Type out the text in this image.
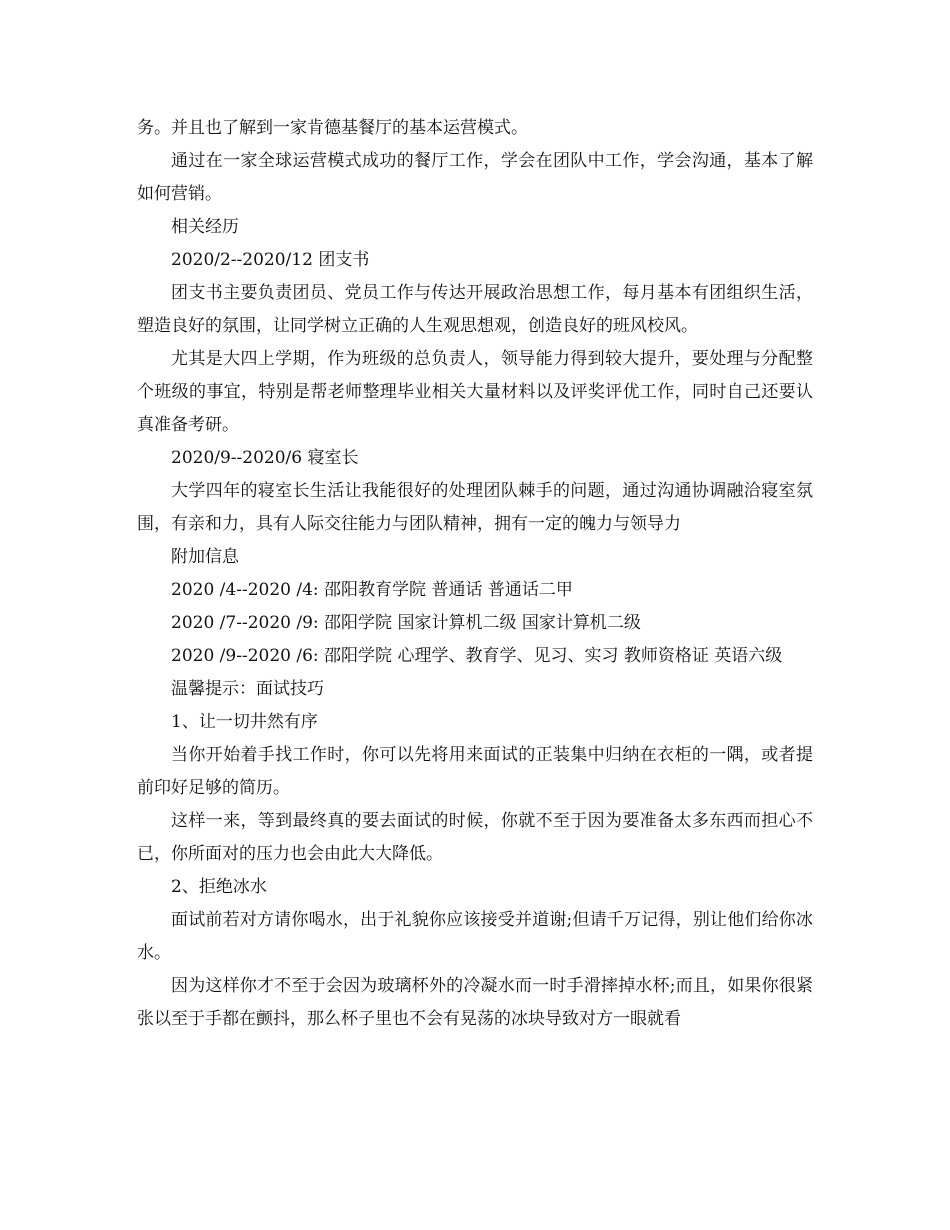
务。并且也了解到一家肯德基餐厅的基本运营模式。

通过在一家全球运营模式成功的餐厅工作，学会在团队中工作，学会沟通，基本了解如何营销。

相关经历

2020/2--2020/12 团支书

团支书主要负责团员、党员工作与传达开展政治思想工作，每月基本有团组织生活，塑造良好的氛围，让同学树立正确的人生观思想观，创造良好的班风校风。

尤其是大四上学期，作为班级的总负责人，领导能力得到较大提升，要处理与分配整个班级的事宜，特别是帮老师整理毕业相关大量材料以及评奖评优工作，同时自己还要认真准备考研。

2020/9--2020/6 寝室长

大学四年的寝室长生活让我能很好的处理团队棘手的问题，通过沟通协调融洽寝室氛围，有亲和力，具有人际交往能力与团队精神，拥有一定的魄力与领导力

附加信息

2020 /4--2020 /4: 邵阳教育学院 普通话 普通话二甲

2020 /7--2020 /9: 邵阳学院 国家计算机二级 国家计算机二级

2020 /9--2020 /6: 邵阳学院 心理学、教育学、见习、实习 教师资格证 英语六级

温馨提示：面试技巧

1、让一切井然有序

当你开始着手找工作时，你可以先将用来面试的正装集中归纳在衣柜的一隅，或者提前印好足够的简历。

这样一来，等到最终真的要去面试的时候，你就不至于因为要准备太多东西而担心不已，你所面对的压力也会由此大大降低。

2、拒绝冰水

面试前若对方请你喝水，出于礼貌你应该接受并道谢;但请千万记得，别让他们给你冰水。

因为这样你才不至于会因为玻璃杯外的冷凝水而一时手滑摔掉水杯;而且，如果你很紧张以至于手都在颤抖，那么杯子里也不会有晃荡的冰块导致对方一眼就看
